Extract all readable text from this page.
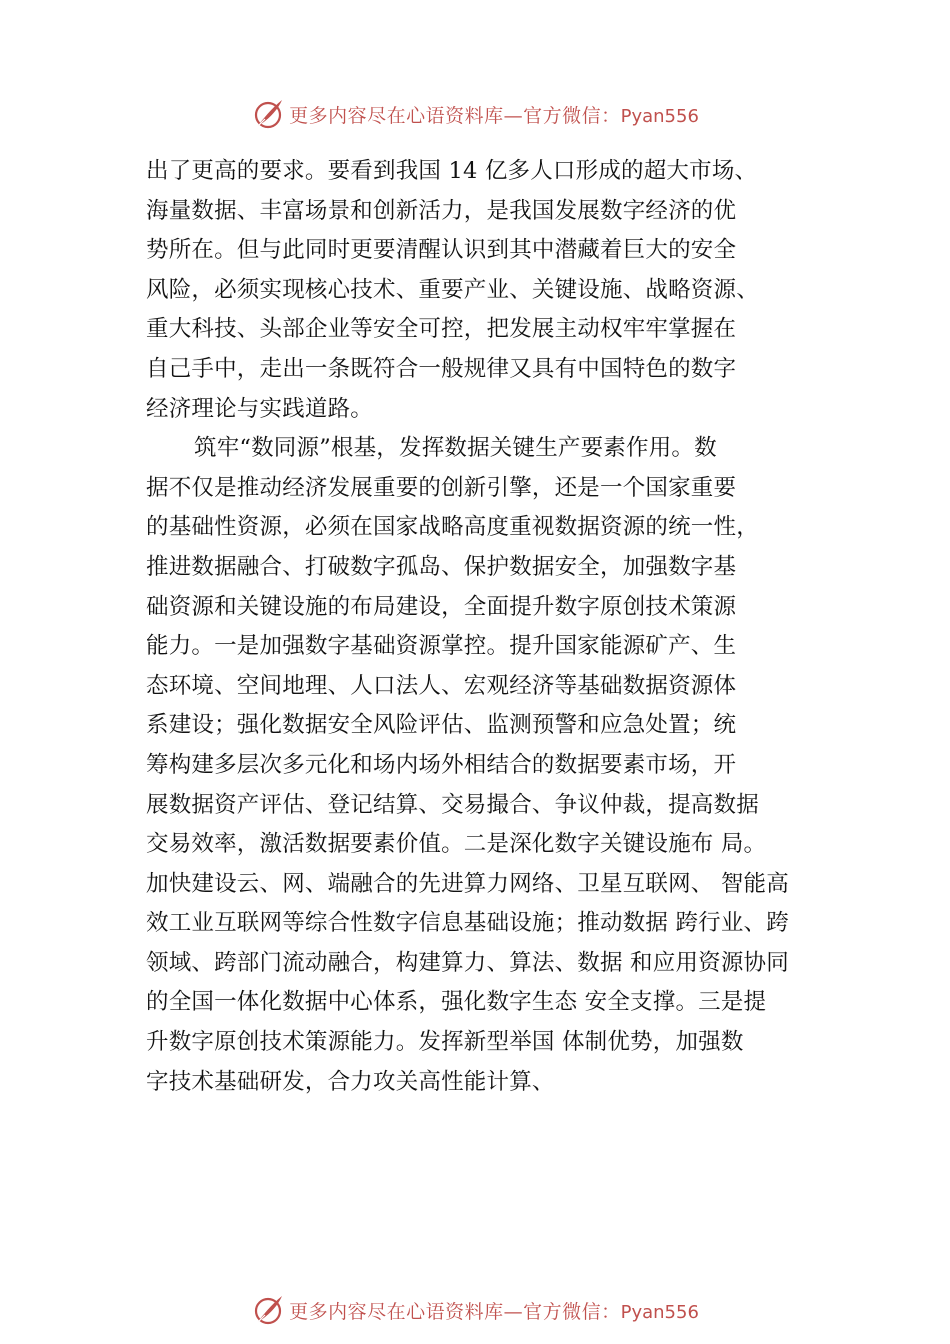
更多内容尽在心语资料库—官方微信：Pyan556
出了更高的要求。要看到我国 14 亿多人口形成的超大市场、
海量数据、丰富场景和创新活力，是我国发展数字经济的优
势所在。但与此同时更要清醒认识到其中潜藏着巨大的安全
风险，必须实现核心技术、重要产业、关键设施、战略资源、
重大科技、头部企业等安全可控，把发展主动权牢牢掌握在
自己手中，走出一条既符合一般规律又具有中国特色的数字
经济理论与实践道路。
筑牢“数同源”根基，发挥数据关键生产要素作用。数
据不仅是推动经济发展重要的创新引擎，还是一个国家重要
的基础性资源，必须在国家战略高度重视数据资源的统一性，
推进数据融合、打破数字孤岛、保护数据安全，加强数字基
础资源和关键设施的布局建设，全面提升数字原创技术策源
能力。一是加强数字基础资源掌控。提升国家能源矿产、生
态环境、空间地理、人口法人、宏观经济等基础数据资源体
系建设；强化数据安全风险评估、监测预警和应急处置；统
筹构建多层次多元化和场内场外相结合的数据要素市场，开
展数据资产评估、登记结算、交易撮合、争议仲裁，提高数据
交易效率，激活数据要素价值。二是深化数字关键设施布 局。
加快建设云、网、端融合的先进算力网络、卫星互联网、 智能高
效工业互联网等综合性数字信息基础设施；推动数据 跨行业、跨
领域、跨部门流动融合，构建算力、算法、数据 和应用资源协同
的全国一体化数据中心体系，强化数字生态 安全支撑。三是提
升数字原创技术策源能力。发挥新型举国 体制优势，加强数
字技术基础研发，合力攻关高性能计算、
更多内容尽在心语资料库—官方微信：Pyan556
